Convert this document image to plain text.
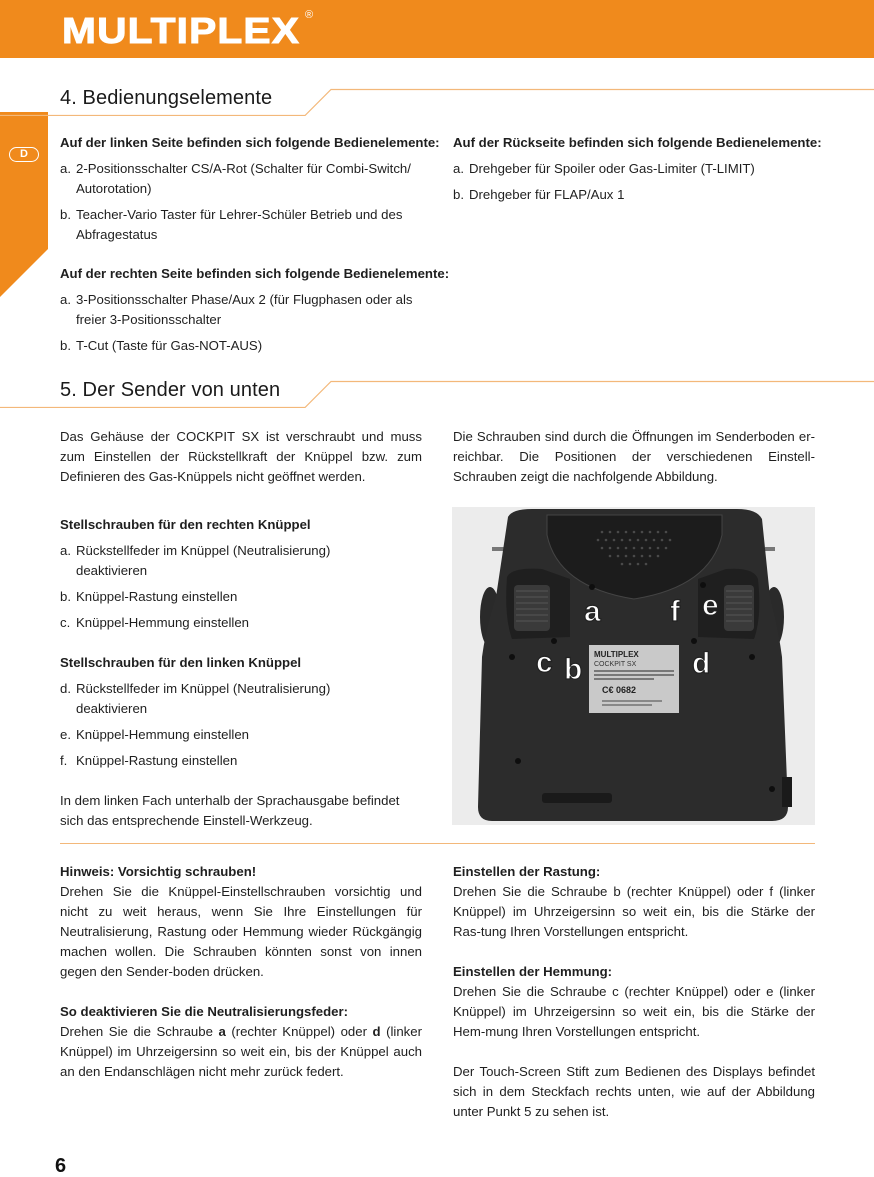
MULTIPLEX ®
D
4. Bedienungselemente
Auf der linken Seite befinden sich folgende Bedienelemente:
a. 2-Positionsschalter CS/A-Rot (Schalter für Combi-Switch/ Autorotation)
b. Teacher-Vario Taster für Lehrer-Schüler Betrieb und des Abfragestatus
Auf der rechten Seite befinden sich folgende Bedienelemente:
a. 3-Positionsschalter Phase/Aux 2 (für Flugphasen oder als freier 3-Positionsschalter
b. T-Cut (Taste für Gas-NOT-AUS)
Auf der Rückseite befinden sich folgende Bedienelemente:
a. Drehgeber für Spoiler oder Gas-Limiter (T-LIMIT)
b. Drehgeber für FLAP/Aux 1
5. Der Sender von unten
Das Gehäuse der COCKPIT SX ist verschraubt und muss zum Einstellen der Rückstellkraft der Knüppel bzw. zum Definieren des Gas-Knüppels nicht geöffnet werden.
Die Schrauben sind durch die Öffnungen im Senderboden er-reichbar. Die Positionen der verschiedenen Einstell-Schrauben zeigt die nachfolgende Abbildung.
Stellschrauben für den rechten Knüppel
a. Rückstellfeder im Knüppel (Neutralisierung) deaktivieren
b. Knüppel-Rastung einstellen
c. Knüppel-Hemmung einstellen
Stellschrauben für den linken Knüppel
d. Rückstellfeder im Knüppel (Neutralisierung) deaktivieren
e. Knüppel-Hemmung einstellen
f. Knüppel-Rastung einstellen
In dem linken Fach unterhalb der Sprachausgabe befindet sich das entsprechende Einstell-Werkzeug.
MULTIPLEX
COCKPIT SX
C€ 0682
a f e
c b	d
Hinweis: Vorsichtig schrauben!
Drehen Sie die Knüppel-Einstellschrauben vorsichtig und nicht zu weit heraus, wenn Sie Ihre Einstellungen für Neutralisierung, Rastung oder Hemmung wieder Rückgängig machen wollen. Die Schrauben könnten sonst von innen gegen den Sender-boden drücken.
So deaktivieren Sie die Neutralisierungsfeder:
Drehen Sie die Schraube a (rechter Knüppel) oder d (linker Knüppel) im Uhrzeigersinn so weit ein, bis der Knüppel auch an den Endanschlägen nicht mehr zurück federt.
Einstellen der Rastung:
Drehen Sie die Schraube b (rechter Knüppel) oder f (linker Knüppel) im Uhrzeigersinn so weit ein, bis die Stärke der Ras-tung Ihren Vorstellungen entspricht.
Einstellen der Hemmung:
Drehen Sie die Schraube c (rechter Knüppel) oder e (linker Knüppel) im Uhrzeigersinn so weit ein, bis die Stärke der Hem-mung Ihren Vorstellungen entspricht.
Der Touch-Screen Stift zum Bedienen des Displays befindet sich in dem Steckfach rechts unten, wie auf der Abbildung unter Punkt 5 zu sehen ist.
6
